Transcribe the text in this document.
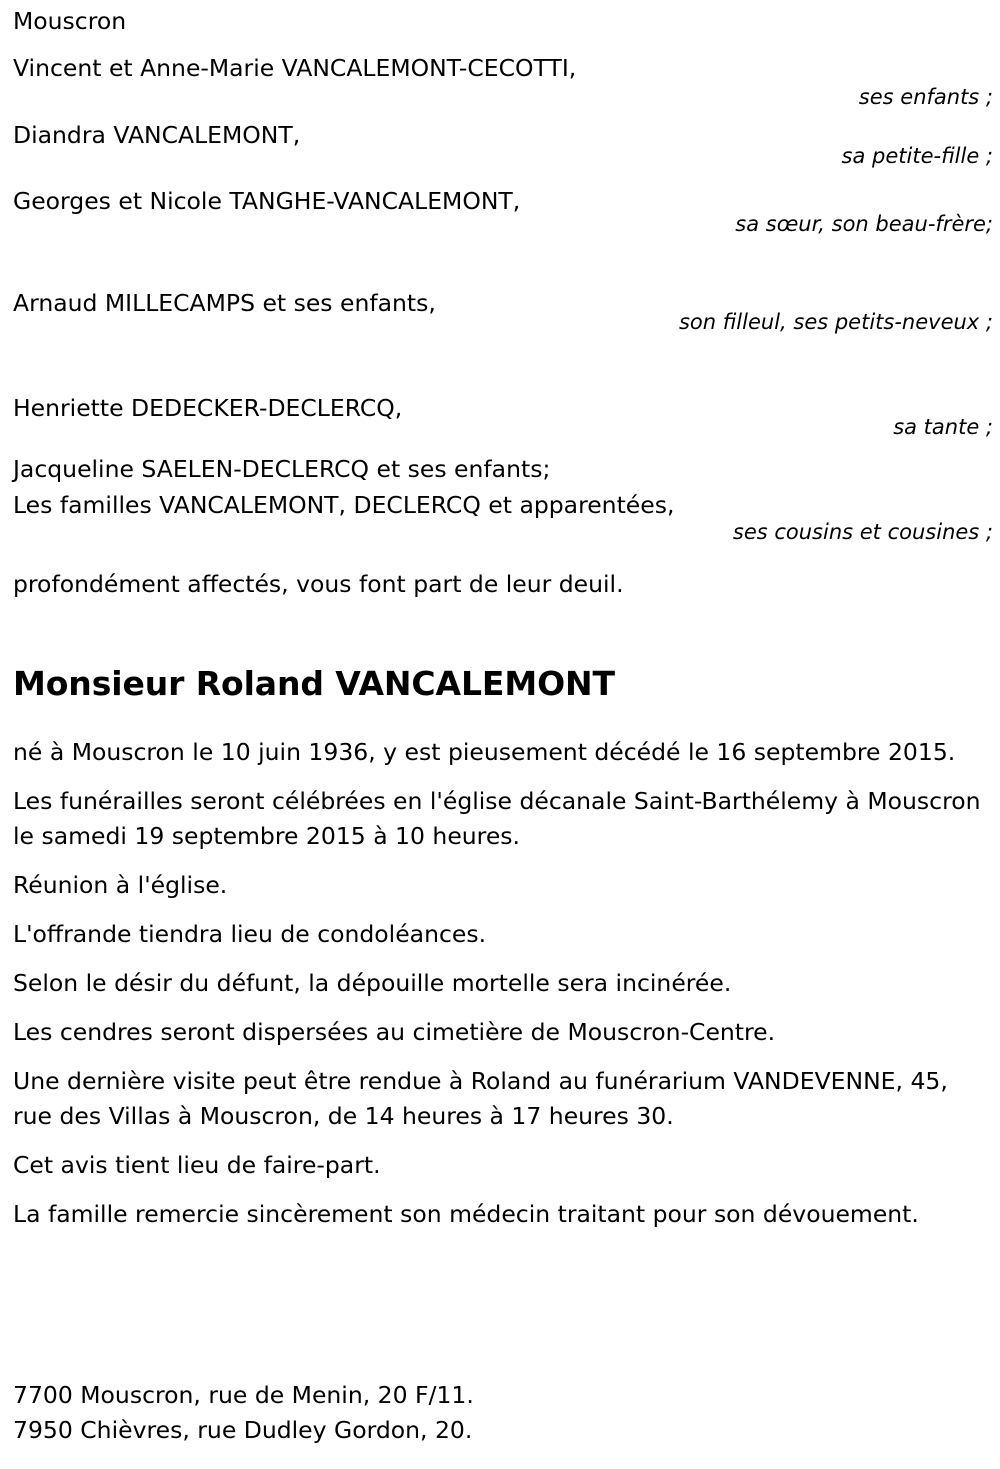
Mouscron
Vincent et Anne-Marie VANCALEMONT-CECOTTI,
Diandra VANCALEMONT,
Georges et Nicole TANGHE-VANCALEMONT,
Arnaud MILLECAMPS et ses enfants,
Henriette DEDECKER-DECLERCQ,
Jacqueline SAELEN-DECLERCQ et ses enfants;
Les familles VANCALEMONT, DECLERCQ et apparentées,
profondément affectés, vous font part de leur deuil.
ses enfants ;
sa petite-fille ;
sa sœur, son beau-frère;
son filleul, ses petits-neveux ;
sa tante ;
ses cousins et cousines ;
Monsieur Roland VANCALEMONT

né à Mouscron le 10 juin 1936, y est pieusement décédé le 16 septembre 2015.

Les funérailles seront célébrées en l'église décanale Saint-Barthélemy à Mouscron le samedi 19 septembre 2015 à 10 heures.

Réunion à l'église.

L'offrande tiendra lieu de condoléances.

Selon le désir du défunt, la dépouille mortelle sera incinérée.

Les cendres seront dispersées au cimetière de Mouscron-Centre.

Une dernière visite peut être rendue à Roland au funérarium VANDEVENNE, 45, rue des Villas à Mouscron, de 14 heures à 17 heures 30.

Cet avis tient lieu de faire-part.

La famille remercie sincèrement son médecin traitant pour son dévouement.

7700 Mouscron, rue de Menin, 20 F/11.
7950 Chièvres, rue Dudley Gordon, 20.
